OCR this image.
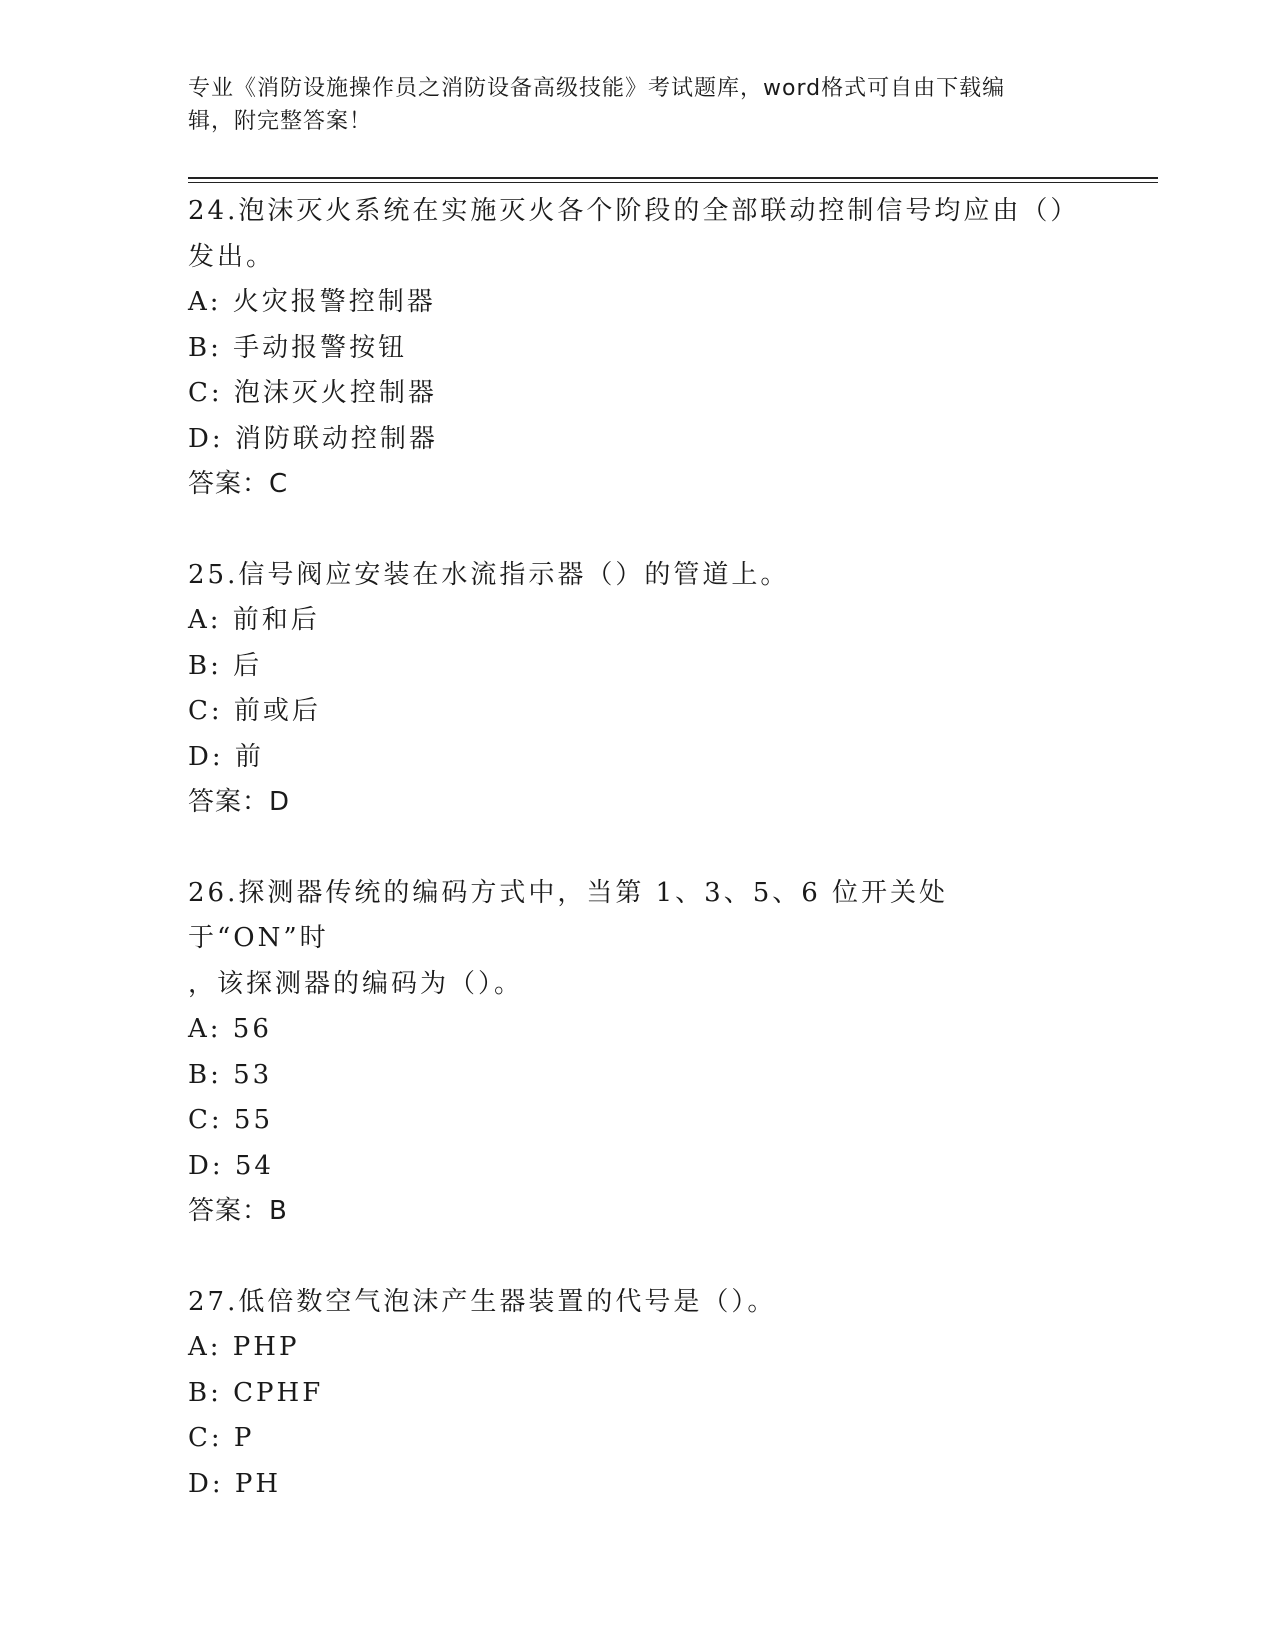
专业《消防设施操作员之消防设备高级技能》考试题库，word格式可自由下载编
辑，附完整答案！
24.泡沫灭火系统在实施灭火各个阶段的全部联动控制信号均应由（）
发出。
A: 火灾报警控制器
B: 手动报警按钮
C: 泡沫灭火控制器
D: 消防联动控制器
答案：C
25.信号阀应安装在水流指示器（）的管道上。
A: 前和后
B: 后
C: 前或后
D: 前
答案：D
26.探测器传统的编码方式中，当第 1、3、5、6 位开关处于“ON”时
，该探测器的编码为（）。
A: 56
B: 53
C: 55
D: 54
答案：B
27.低倍数空气泡沫产生器装置的代号是（）。
A: PHP
B: CPHF
C: P
D: PH
